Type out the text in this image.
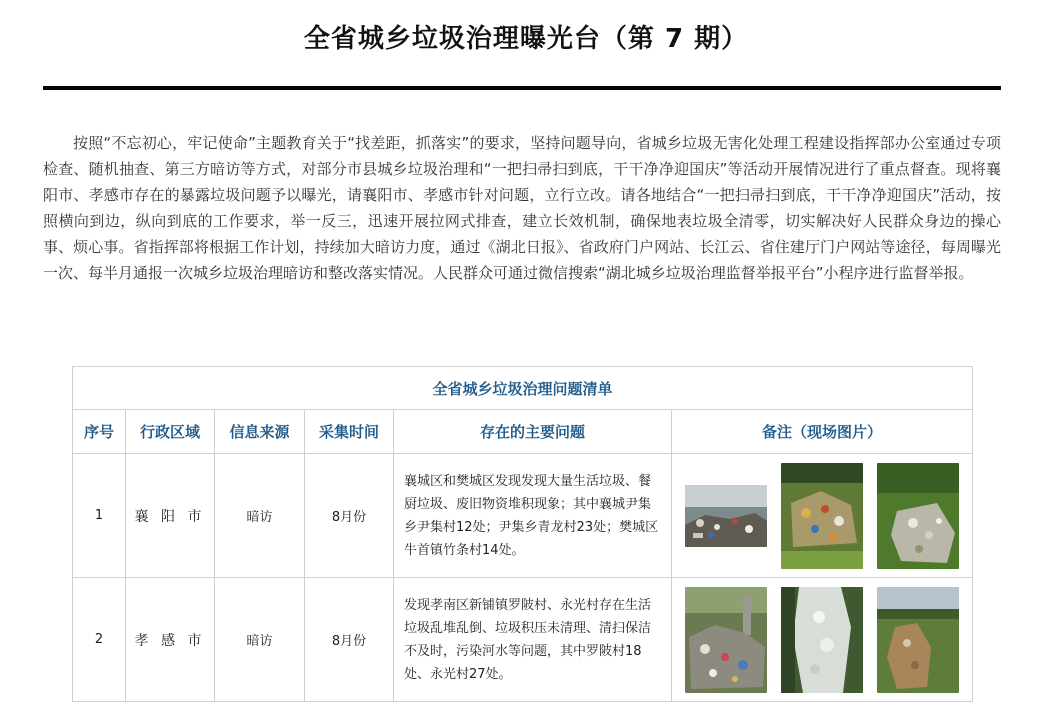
全省城乡垃圾治理曝光台（第 7 期）

按照“不忘初心，牢记使命”主题教育关于“找差距，抓落实”的要求，坚持问题导向，省城乡垃圾无害化处理工程建设指挥部办公室通过专项检查、随机抽查、第三方暗访等方式，对部分市县城乡垃圾治理和“一把扫帚扫到底，干干净净迎国庆”等活动开展情况进行了重点督查。现将襄阳市、孝感市存在的暴露垃圾问题予以曝光，请襄阳市、孝感市针对问题，立行立改。请各地结合“一把扫帚扫到底，干干净净迎国庆”活动，按照横向到边，纵向到底的工作要求，举一反三，迅速开展拉网式排查，建立长效机制，确保地表垃圾全清零，切实解决好人民群众身边的操心事、烦心事。省指挥部将根据工作计划，持续加大暗访力度，通过《湖北日报》、省政府门户网站、长江云、省住建厅门户网站等途径，每周曝光一次、每半月通报一次城乡垃圾治理暗访和整改落实情况。人民群众可通过微信搜索“湖北城乡垃圾治理监督举报平台”小程序进行监督举报。

全省城乡垃圾治理问题清单					
序号	行政区域	信息来源	采集时间	存在的主要问题	备注（现场图片）
1	襄 阳 市	暗访	8月份	襄城区和樊城区发现发现大量生活垃圾、餐厨垃圾、废旧物资堆积现象；其中襄城尹集乡尹集村12处；尹集乡青龙村23处；樊城区牛首镇竹条村14处。	

2	孝 感 市	暗访	8月份	发现孝南区新铺镇罗陂村、永光村存在生活垃圾乱堆乱倒、垃圾积压未清理、清扫保洁不及时，污染河水等问题，其中罗陂村18处、永光村27处。	
